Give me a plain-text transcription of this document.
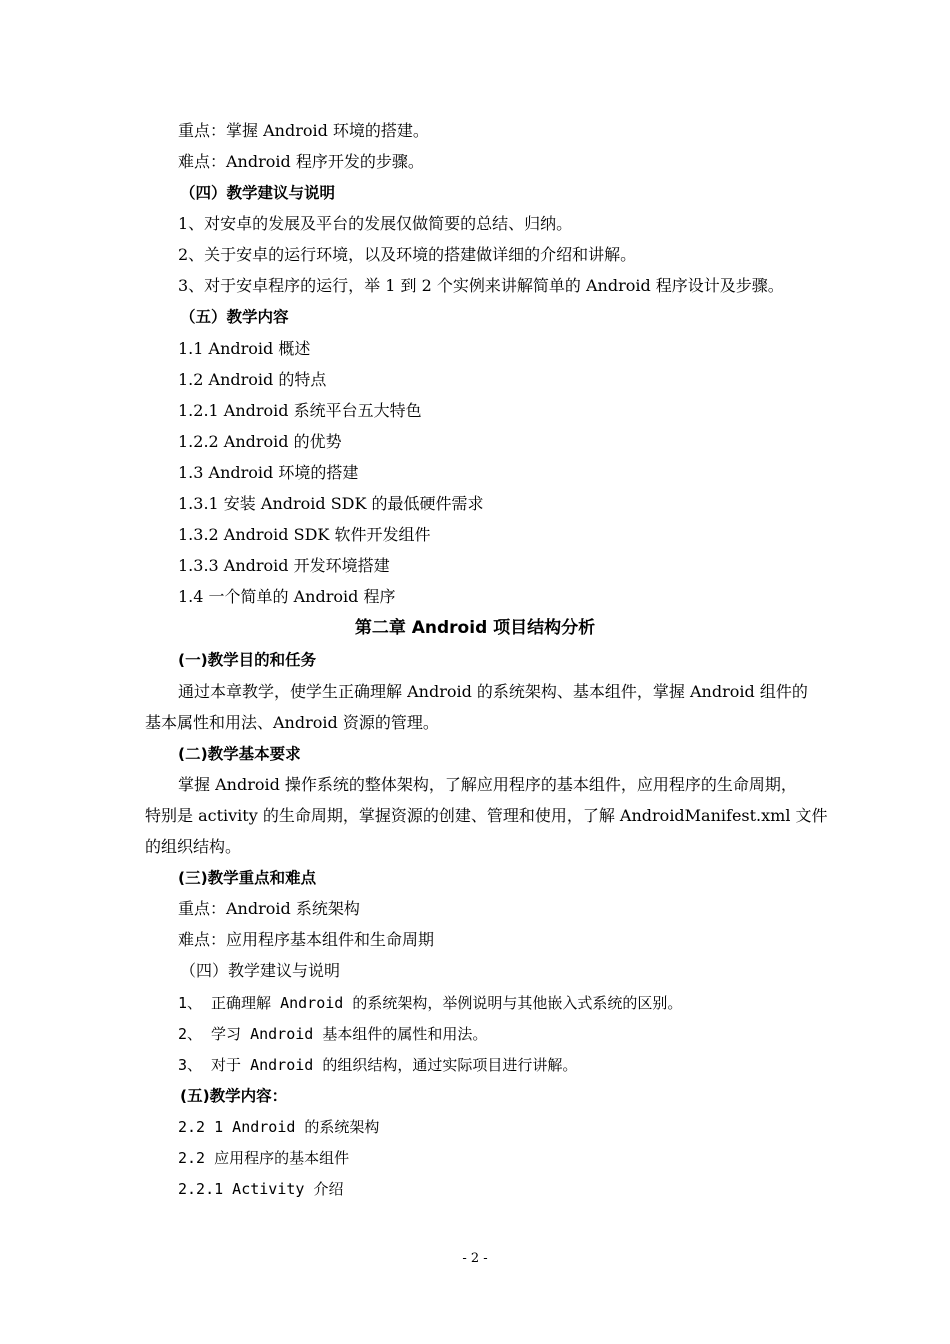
重点：掌握 Android 环境的搭建。
难点：Android 程序开发的步骤。
（四）教学建议与说明
1、对安卓的发展及平台的发展仅做简要的总结、归纳。
2、关于安卓的运行环境，以及环境的搭建做详细的介绍和讲解。
3、对于安卓程序的运行，举 1 到 2 个实例来讲解简单的 Android 程序设计及步骤。
（五）教学内容
1.1 Android 概述
1.2 Android 的特点
1.2.1 Android 系统平台五大特色
1.2.2 Android 的优势
1.3 Android 环境的搭建
1.3.1 安装 Android SDK 的最低硬件需求
1.3.2 Android SDK 软件开发组件
1.3.3 Android 开发环境搭建
1.4 一个简单的 Android 程序
第二章 Android 项目结构分析
(一)教学目的和任务
通过本章教学，使学生正确理解 Android 的系统架构、基本组件，掌握 Android 组件的
基本属性和用法、Android 资源的管理。
(二)教学基本要求
掌握 Android 操作系统的整体架构，了解应用程序的基本组件，应用程序的生命周期，
特别是 activity 的生命周期，掌握资源的创建、管理和使用，了解 AndroidManifest.xml 文件
的组织结构。
(三)教学重点和难点
重点：Android 系统架构
难点：应用程序基本组件和生命周期
（四）教学建议与说明
1、 正确理解 Android 的系统架构，举例说明与其他嵌入式系统的区别。
2、 学习 Android 基本组件的属性和用法。
3、 对于 Android 的组织结构，通过实际项目进行讲解。
(五)教学内容：
2.2 1 Android 的系统架构
2.2 应用程序的基本组件
2.2.1 Activity 介绍
- 2 -
